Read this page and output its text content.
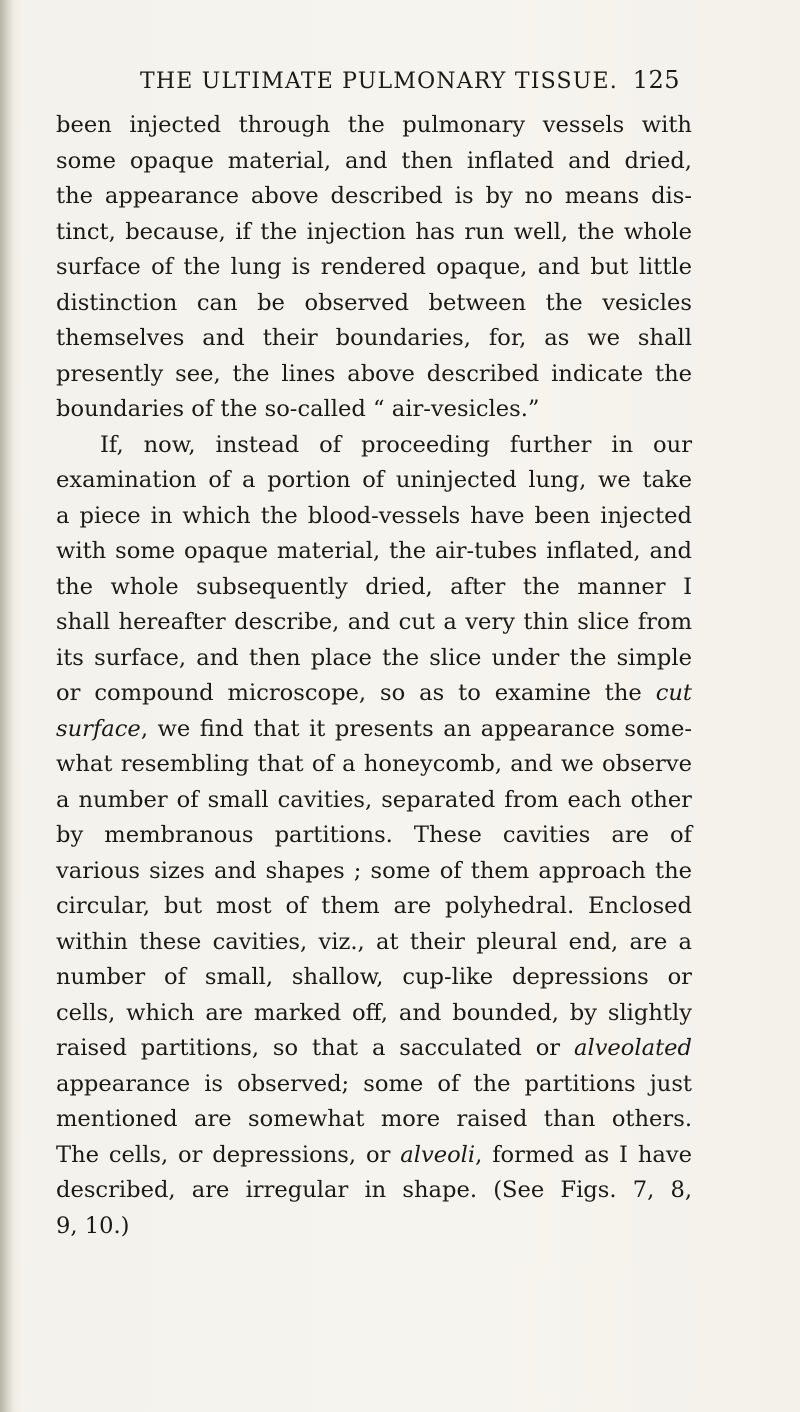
THE ULTIMATE PULMONARY TISSUE. 125
been injected through the pulmonary vessels with
some opaque material, and then inflated and dried,
the appearance above described is by no means dis-
tinct, because, if the injection has run well, the whole
surface of the lung is rendered opaque, and but little
distinction can be observed between the vesicles
themselves and their boundaries, for, as we shall
presently see, the lines above described indicate the
boundaries of the so-called “ air-vesicles.”
If, now, instead of proceeding further in our
examination of a portion of uninjected lung, we take
a piece in which the blood-vessels have been injected
with some opaque material, the air-tubes inflated, and
the whole subsequently dried, after the manner I
shall hereafter describe, and cut a very thin slice from
its surface, and then place the slice under the simple
or compound microscope, so as to examine the cut
surface, we find that it presents an appearance some-
what resembling that of a honeycomb, and we observe
a number of small cavities, separated from each other
by membranous partitions. These cavities are of
various sizes and shapes ; some of them approach the
circular, but most of them are polyhedral. Enclosed
within these cavities, viz., at their pleural end, are a
number of small, shallow, cup-like depressions or
cells, which are marked off, and bounded, by slightly
raised partitions, so that a sacculated or alveolated
appearance is observed; some of the partitions just
mentioned are somewhat more raised than others.
The cells, or depressions, or alveoli, formed as I have
described, are irregular in shape. (See Figs. 7, 8,
9, 10.)
